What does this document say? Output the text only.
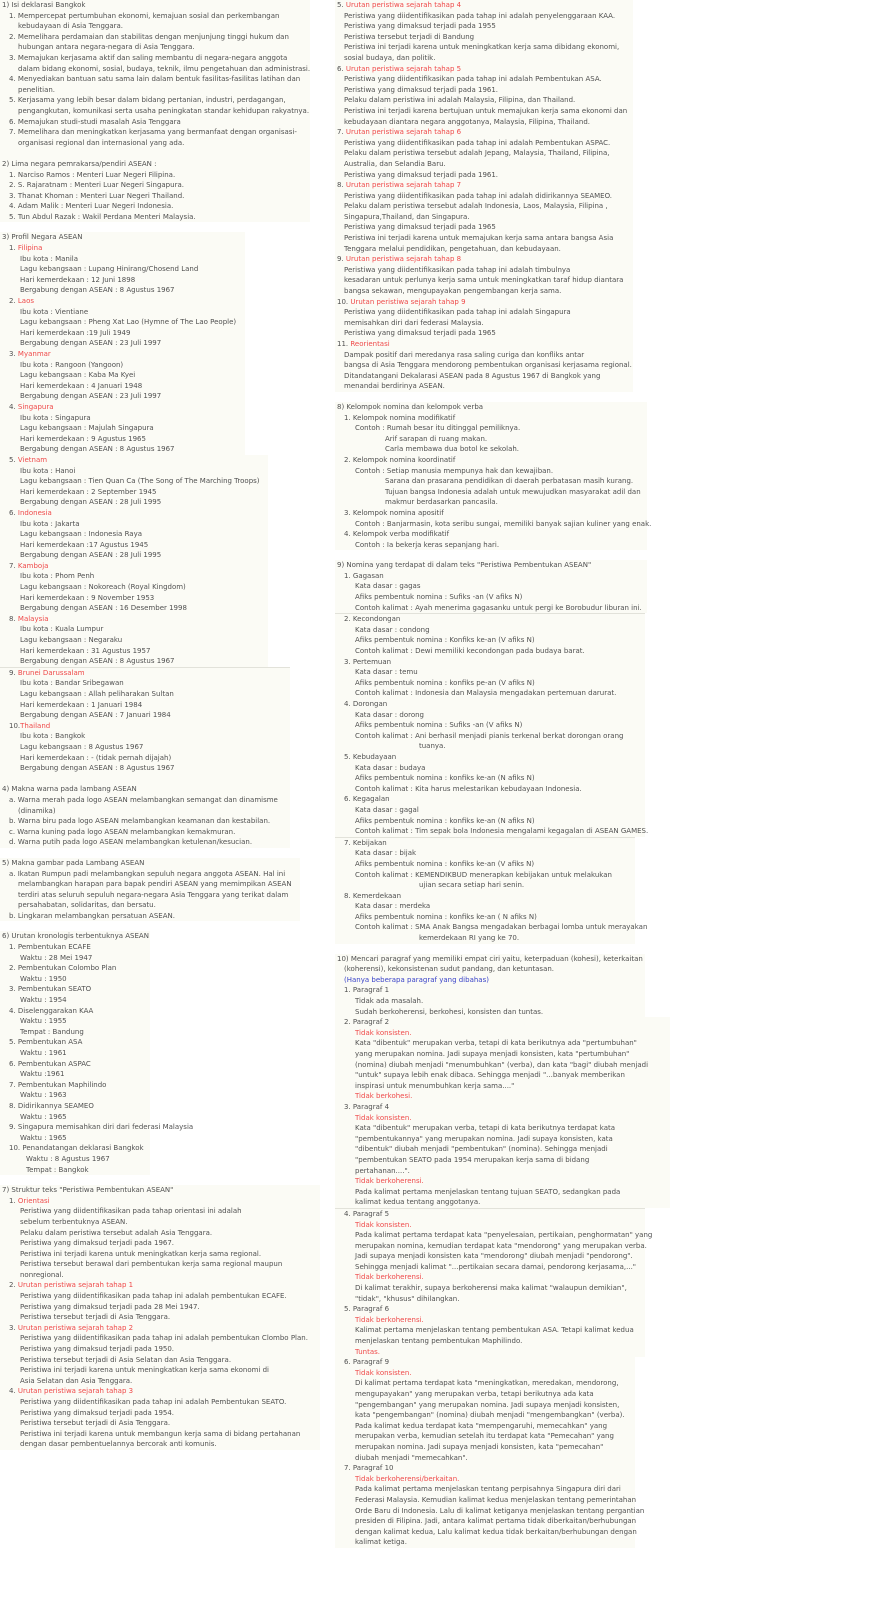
1) Isi deklarasi Bangkok
1. Mempercepat pertumbuhan ekonomi, kemajuan sosial dan perkembangan
kebudayaan di Asia Tenggara.
2. Memelihara perdamaian dan stabilitas dengan menjunjung tinggi hukum dan
hubungan antara negara-negara di Asia Tenggara.
3. Memajukan kerjasama aktif dan saling membantu di negara-negara anggota
dalam bidang ekonomi, sosial, budaya, teknik, ilmu pengetahuan dan administrasi.
4. Menyediakan bantuan satu sama lain dalam bentuk fasilitas-fasilitas latihan dan
penelitian.
5. Kerjasama yang lebih besar dalam bidang pertanian, industri, perdagangan,
pengangkutan, komunikasi serta usaha peningkatan standar kehidupan rakyatnya.
6. Memajukan studi-studi masalah Asia Tenggara
7. Memelihara dan meningkatkan kerjasama yang bermanfaat dengan organisasi-
organisasi regional dan internasional yang ada.
2) Lima negara pemrakarsa/pendiri ASEAN :
1. Narciso Ramos : Menteri Luar Negeri Filipina.
2. S. Rajaratnam : Menteri Luar Negeri Singapura.
3. Thanat Khoman : Menteri Luar Negeri Thailand.
4. Adam Malik : Menteri Luar Negeri Indonesia.
5. Tun Abdul Razak : Wakil Perdana Menteri Malaysia.
3) Profil Negara ASEAN
1. Filipina
Ibu kota : Manila
Lagu kebangsaan : Lupang Hinirang/Chosend Land
Hari kemerdekaan : 12 Juni 1898
Bergabung dengan ASEAN : 8 Agustus 1967
2. Laos
Ibu kota : Vientiane
Lagu kebangsaan : Pheng Xat Lao (Hymne of The Lao People)
Hari kemerdekaan :19 Juli 1949
Bergabung dengan ASEAN : 23 Juli 1997
3. Myanmar
Ibu kota : Rangoon (Yangoon)
Lagu kebangsaan : Kaba Ma Kyei
Hari kemerdekaan : 4 Januari 1948
Bergabung dengan ASEAN : 23 Juli 1997
4. Singapura
Ibu kota : Singapura
Lagu kebangsaan : Majulah Singapura
Hari kemerdekaan : 9 Agustus 1965
Bergabung dengan ASEAN : 8 Agustus 1967
5. Vietnam
Ibu kota : Hanoi
Lagu kebangsaan : Tien Quan Ca (The Song of The Marching Troops)
Hari kemerdekaan : 2 September 1945
Bergabung dengan ASEAN : 28 Juli 1995
6. Indonesia
Ibu kota : Jakarta
Lagu kebangsaan : Indonesia Raya
Hari kemerdekaan :17 Agustus 1945
Bergabung dengan ASEAN : 28 Juli 1995
7. Kamboja
Ibu kota : Phom Penh
Lagu kebangsaan : Nokoreach (Royal Kingdom)
Hari kemerdekaan : 9 November 1953
Bergabung dengan ASEAN : 16 Desember 1998
8. Malaysia
Ibu kota : Kuala Lumpur
Lagu kebangsaan : Negaraku
Hari kemerdekaan : 31 Agustus 1957
Bergabung dengan ASEAN : 8 Agustus 1967
9. Brunei Darussalam
Ibu kota : Bandar Sribegawan
Lagu kebangsaan : Allah peliharakan Sultan
Hari kemerdekaan : 1 Januari 1984
Bergabung dengan ASEAN : 7 Januari 1984
10.Thailand
Ibu kota : Bangkok
Lagu kebangsaan : 8 Agustus 1967
Hari kemerdekaan : - (tidak pernah dijajah)
Bergabung dengan ASEAN : 8 Agustus 1967
4) Makna warna pada lambang ASEAN
a. Warna merah pada logo ASEAN melambangkan semangat dan dinamisme
(dinamika)
b. Warna biru pada logo ASEAN melambangkan keamanan dan kestabilan.
c. Warna kuning pada logo ASEAN melambangkan kemakmuran.
d. Warna putih pada logo ASEAN melambangkan ketulenan/kesucian.
5) Makna gambar pada Lambang ASEAN
a. Ikatan Rumpun padi melambangkan sepuluh negara anggota ASEAN. Hal ini
melambangkan harapan para bapak pendiri ASEAN yang memimpikan ASEAN
terdiri atas seluruh sepuluh negara-negara Asia Tenggara yang terikat dalam
persahabatan, solidaritas, dan bersatu.
b. Lingkaran melambangkan persatuan ASEAN.
6) Urutan kronologis terbentuknya ASEAN
1. Pembentukan ECAFE
Waktu : 28 Mei 1947
2. Pembentukan Colombo Plan
Waktu : 1950
3. Pembentukan SEATO
Waktu : 1954
4. Diselenggarakan KAA
Waktu : 1955
Tempat : Bandung
5. Pembentukan ASA
Waktu : 1961
6. Pembentukan ASPAC
Waktu :1961
7. Pembentukan Maphilindo
Waktu : 1963
8. Didirikannya SEAMEO
Waktu : 1965
9. Singapura memisahkan diri dari federasi Malaysia
Waktu : 1965
10. Penandatangan deklarasi Bangkok
Waktu : 8 Agustus 1967
Tempat : Bangkok
7) Struktur teks "Peristiwa Pembentukan ASEAN"
1. Orientasi
Peristiwa yang diidentifikasikan pada tahap orientasi ini adalah
sebelum terbentuknya ASEAN.
Pelaku dalam peristiwa tersebut adalah Asia Tenggara.
Peristiwa yang dimaksud terjadi pada 1967.
Peristiwa ini terjadi karena untuk meningkatkan kerja sama regional.
Peristiwa tersebut berawal dari pembentukan kerja sama regional maupun
nonregional.
2. Urutan peristiwa sejarah tahap 1
Peristiwa yang diidentifikasikan pada tahap ini adalah pembentukan ECAFE.
Peristiwa yang dimaksud terjadi pada 28 Mei 1947.
Peristiwa tersebut terjadi di Asia Tenggara.
3. Urutan peristiwa sejarah tahap 2
Peristiwa yang diidentifikasikan pada tahap ini adalah pembentukan Clombo Plan.
Peristiwa yang dimaksud terjadi pada 1950.
Peristiwa tersebut terjadi di Asia Selatan dan Asia Tenggara.
Peristiwa ini terjadi karena untuk meningkatkan kerja sama ekonomi di
Asia Selatan dan Asia Tenggara.
4. Urutan peristiwa sejarah tahap 3
Peristiwa yang diidentifikasikan pada tahap ini adalah Pembentukan SEATO.
Peristiwa yang dimaksud terjadi pada 1954.
Peristiwa tersebut terjadi di Asia Tenggara.
Peristiwa ini terjadi karena untuk membangun kerja sama di bidang pertahanan
dengan dasar pembentuelannya bercorak anti komunis.
5. Urutan peristiwa sejarah tahap 4
Peristiwa yang diidentifikasikan pada tahap ini adalah penyelenggaraan KAA.
Peristiwa yang dimaksud terjadi pada 1955
Peristiwa tersebut terjadi di Bandung
Peristiwa ini terjadi karena untuk meningkatkan kerja sama dibidang ekonomi,
sosial budaya, dan politik.
6. Urutan peristiwa sejarah tahap 5
Peristiwa yang diidentifikasikan pada tahap ini adalah Pembentukan ASA.
Peristiwa yang dimaksud terjadi pada 1961.
Pelaku dalam peristiwa ini adalah Malaysia, Filipina, dan Thailand.
Peristiwa ini terjadi karena bertujuan untuk memajukan kerja sama ekonomi dan
kebudayaan diantara negara anggotanya, Malaysia, Filipina, Thailand.
7. Urutan peristiwa sejarah tahap 6
Peristiwa yang diidentifikasikan pada tahap ini adalah Pembentukan ASPAC.
Pelaku dalam peristiwa tersebut adalah Jepang, Malaysia, Thailand, Filipina,
Australia, dan Selandia Baru.
Peristiwa yang dimaksud terjadi pada 1961.
8. Urutan peristiwa sejarah tahap 7
Peristiwa yang diidentifikasikan pada tahap ini adalah didirikannya SEAMEO.
Pelaku dalam peristiwa tersebut adalah Indonesia, Laos, Malaysia, Filipina ,
Singapura,Thailand, dan Singapura.
Peristiwa yang dimaksud terjadi pada 1965
Peristiwa ini terjadi karena untuk memajukan kerja sama antara bangsa Asia
Tenggara melalui pendidikan, pengetahuan, dan kebudayaan.
9. Urutan peristiwa sejarah tahap 8
Peristiwa yang diidentifikasikan pada tahap ini adalah timbulnya
kesadaran untuk perlunya kerja sama untuk meningkatkan taraf hidup diantara
bangsa sekawan, mengupayakan pengembangan kerja sama.
10. Urutan peristiwa sejarah tahap 9
Peristiwa yang diidentifikasikan pada tahap ini adalah Singapura
memisahkan diri dari federasi Malaysia.
Peristiwa yang dimaksud terjadi pada 1965
11. Reorientasi
Dampak positif dari meredanya rasa saling curiga dan konfliks antar
bangsa di Asia Tenggara mendorong pembentukan organisasi kerjasama regional.
Ditandatangani Dekalarasi ASEAN pada 8 Agustus 1967 di Bangkok yang
menandai berdirinya ASEAN.
8) Kelompok nomina dan kelompok verba
1. Kelompok nomina modifikatif
Contoh : Rumah besar itu ditinggal pemiliknya.
Arif sarapan di ruang makan.
Carla membawa dua botol ke sekolah.
2. Kelompok nomina koordinatif
Contoh : Setiap manusia mempunya hak dan kewajiban.
Sarana dan prasarana pendidikan di daerah perbatasan masih kurang.
Tujuan bangsa Indonesia adalah untuk mewujudkan masyarakat adil dan
makmur berdasarkan pancasila.
3. Kelompok nomina apositif
Contoh : Banjarmasin, kota seribu sungai, memiliki banyak sajian kuliner yang enak.
4. Kelompok verba modifikatif
Contoh : Ia bekerja keras sepanjang hari.
9) Nomina yang terdapat di dalam teks "Peristiwa Pembentukan ASEAN"
1. Gagasan
Kata dasar : gagas
Afiks pembentuk nomina : Sufiks -an (V afiks N)
Contoh kalimat : Ayah menerima gagasanku untuk pergi ke Borobudur liburan ini.
2. Kecondongan
Kata dasar : condong
Afiks pembentuk nomina : Konfiks ke-an (V afiks N)
Contoh kalimat : Dewi memiliki kecondongan pada budaya barat.
3. Pertemuan
Kata dasar : temu
Afiks pembentuk nomina : konfiks pe-an (V afiks N)
Contoh kalimat : Indonesia dan Malaysia mengadakan pertemuan darurat.
4. Dorongan
Kata dasar : dorong
Afiks pembentuk nomina : Sufiks -an (V afiks N)
Contoh kalimat : Ani berhasil menjadi pianis terkenal berkat dorongan orang
tuanya.
5. Kebudayaan
Kata dasar : budaya
Afiks pembentuk nomina : konfiks ke-an (N afiks N)
Contoh kalimat : Kita harus melestarikan kebudayaan Indonesia.
6. Kegagalan
Kata dasar : gagal
Afiks pembentuk nomina : konfiks ke-an (N afiks N)
Contoh kalimat : Tim sepak bola Indonesia mengalami kegagalan di ASEAN GAMES.
7. Kebijakan
Kata dasar : bijak
Afiks pembentuk nomina : konfiks ke-an (V afiks N)
Contoh kalimat : KEMENDIKBUD menerapkan kebijakan untuk melakukan
ujian secara setiap hari senin.
8. Kemerdekaan
Kata dasar : merdeka
Afiks pembentuk nomina : konfiks ke-an ( N afiks N)
Contoh kalimat : SMA Anak Bangsa mengadakan berbagai lomba untuk merayakan
kemerdekaan RI yang ke 70.
10) Mencari paragraf yang memiliki empat ciri yaitu, keterpaduan (kohesi), keterkaitan
(koherensi), kekonsistenan sudut pandang, dan ketuntasan.
(Hanya beberapa paragraf yang dibahas)
1. Paragraf 1
Tidak ada masalah.
Sudah berkoherensi, berkohesi, konsisten dan tuntas.
2. Paragraf 2
Tidak konsisten.
Kata "dibentuk" merupakan verba, tetapi di kata berikutnya ada "pertumbuhan"
yang merupakan nomina. Jadi supaya menjadi konsisten, kata "pertumbuhan"
(nomina) diubah menjadi "menumbuhkan" (verba), dan kata "bagi" diubah menjadi
"untuk" supaya lebih enak dibaca. Sehingga menjadi "...banyak memberikan
inspirasi untuk menumbuhkan kerja sama...."
Tidak berkohesi.
3. Paragraf 4
Tidak konsisten.
Kata "dibentuk" merupakan verba, tetapi di kata berikutnya terdapat kata
"pembentukannya" yang merupakan nomina. Jadi supaya konsisten, kata
"dibentuk" diubah menjadi "pembentukan" (nomina). Sehingga menjadi
"pembentukan SEATO pada 1954 merupakan kerja sama di bidang
pertahanan....".
Tidak berkoherensi.
Pada kalimat pertama menjelaskan tentang tujuan SEATO, sedangkan pada
kalimat kedua tentang anggotanya.
4. Paragraf 5
Tidak konsisten.
Pada kalimat pertama terdapat kata "penyelesaian, pertikaian, penghormatan" yang
merupakan nomina, kemudian terdapat kata "mendorong" yang merupakan verba.
Jadi supaya menjadi konsisten kata "mendorong" diubah menjadi "pendorong".
Sehingga menjadi kalimat "...pertikaian secara damai, pendorong kerjasama,..."
Tidak berkoherensi.
Di kalimat terakhir, supaya berkoherensi maka kalimat "walaupun demikian",
"tidak", "khusus" dihilangkan.
5. Paragraf 6
Tidak berkoherensi.
Kalimat pertama menjelaskan tentang pembentukan ASA. Tetapi kalimat kedua
menjelaskan tentang pembentukan Maphilindo.
Tuntas.
6. Paragraf 9
Tidak konsisten.
Di kalimat pertama terdapat kata "meningkatkan, meredakan, mendorong,
mengupayakan" yang merupakan verba, tetapi berikutnya ada kata
"pengembangan" yang merupakan nomina. Jadi supaya menjadi konsisten,
kata "pengembangan" (nomina) diubah menjadi "mengembangkan" (verba).
Pada kalimat kedua terdapat kata "mempengaruhi, memecahkan" yang
merupakan verba, kemudian setelah itu terdapat kata "Pemecahan" yang
merupakan nomina. Jadi supaya menjadi konsisten, kata "pemecahan"
diubah menjadi "memecahkan".
7. Paragraf 10
Tidak berkoherensi/berkaitan.
Pada kalimat pertama menjelaskan tentang perpisahnya Singapura diri dari
Federasi Malaysia. Kemudian kalimat kedua menjelaskan tentang pemerintahan
Orde Baru di Indonesia. Lalu di kalimat ketiganya menjelaskan tentang pergantian
presiden di Filipina. Jadi, antara kalimat pertama tidak diberkaitan/berhubungan
dengan kalimat kedua, Lalu kalimat kedua tidak berkaitan/berhubungan dengan
kalimat ketiga.
